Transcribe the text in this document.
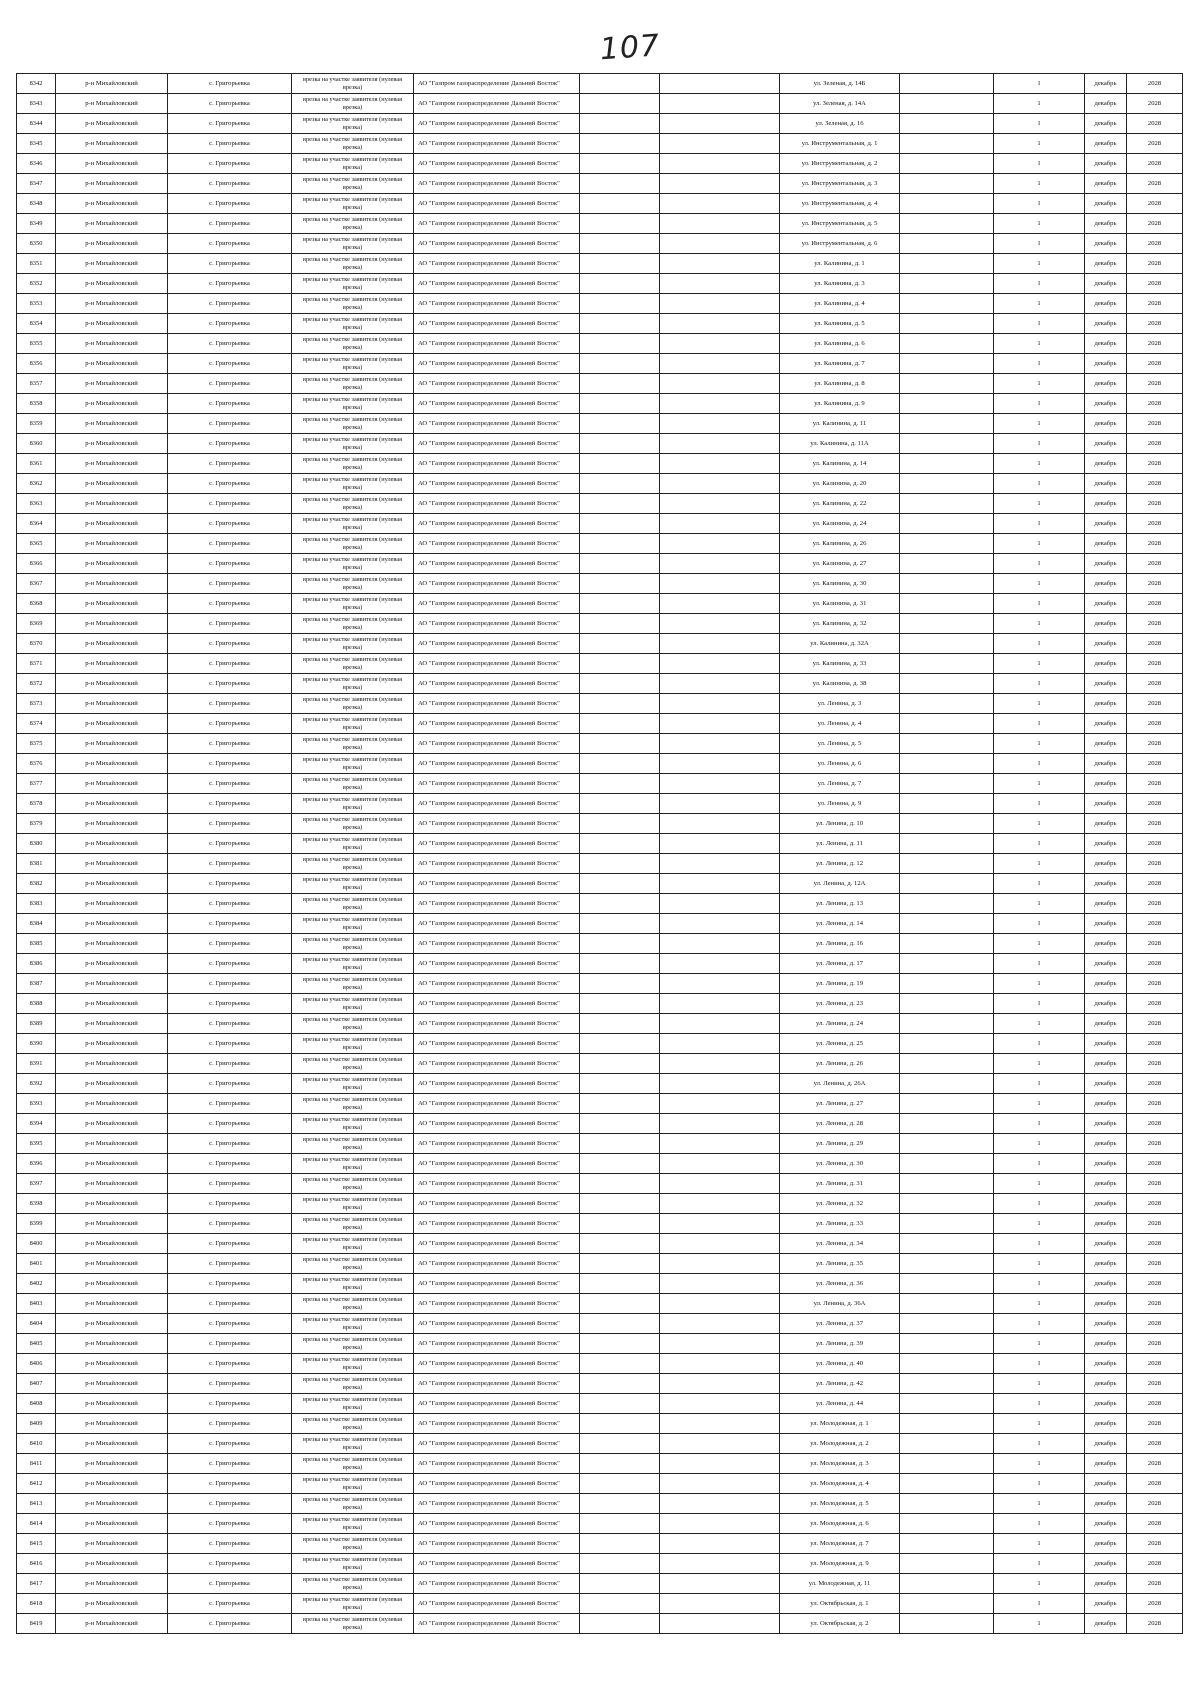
107
8342	р-н Михайловский	с. Григорьевка	врезка на участке заявителя (нулевая врезка)	АО "Газпром газораспределение Дальний Восток"			ул. Зеленая, д. 14Б		1	декабрь	2028
8343	р-н Михайловский	с. Григорьевка	врезка на участке заявителя (нулевая врезка)	АО "Газпром газораспределение Дальний Восток"			ул. Зеленая, д. 14А		1	декабрь	2028
8344	р-н Михайловский	с. Григорьевка	врезка на участке заявителя (нулевая врезка)	АО "Газпром газораспределение Дальний Восток"			ул. Зеленая, д. 16		1	декабрь	2028
8345	р-н Михайловский	с. Григорьевка	врезка на участке заявителя (нулевая врезка)	АО "Газпром газораспределение Дальний Восток"			ул. Инструментальная, д. 1		1	декабрь	2028
8346	р-н Михайловский	с. Григорьевка	врезка на участке заявителя (нулевая врезка)	АО "Газпром газораспределение Дальний Восток"			ул. Инструментальная, д. 2		1	декабрь	2028
8347	р-н Михайловский	с. Григорьевка	врезка на участке заявителя (нулевая врезка)	АО "Газпром газораспределение Дальний Восток"			ул. Инструментальная, д. 3		1	декабрь	2028
8348	р-н Михайловский	с. Григорьевка	врезка на участке заявителя (нулевая врезка)	АО "Газпром газораспределение Дальний Восток"			ул. Инструментальная, д. 4		1	декабрь	2028
8349	р-н Михайловский	с. Григорьевка	врезка на участке заявителя (нулевая врезка)	АО "Газпром газораспределение Дальний Восток"			ул. Инструментальная, д. 5		1	декабрь	2028
8350	р-н Михайловский	с. Григорьевка	врезка на участке заявителя (нулевая врезка)	АО "Газпром газораспределение Дальний Восток"			ул. Инструментальная, д. 6		1	декабрь	2028
8351	р-н Михайловский	с. Григорьевка	врезка на участке заявителя (нулевая врезка)	АО "Газпром газораспределение Дальний Восток"			ул. Калинина, д. 1		1	декабрь	2028
8352	р-н Михайловский	с. Григорьевка	врезка на участке заявителя (нулевая врезка)	АО "Газпром газораспределение Дальний Восток"			ул. Калинина, д. 3		1	декабрь	2028
8353	р-н Михайловский	с. Григорьевка	врезка на участке заявителя (нулевая врезка)	АО "Газпром газораспределение Дальний Восток"			ул. Калинина, д. 4		1	декабрь	2028
8354	р-н Михайловский	с. Григорьевка	врезка на участке заявителя (нулевая врезка)	АО "Газпром газораспределение Дальний Восток"			ул. Калинина, д. 5		1	декабрь	2028
8355	р-н Михайловский	с. Григорьевка	врезка на участке заявителя (нулевая врезка)	АО "Газпром газораспределение Дальний Восток"			ул. Калинина, д. 6		1	декабрь	2028
8356	р-н Михайловский	с. Григорьевка	врезка на участке заявителя (нулевая врезка)	АО "Газпром газораспределение Дальний Восток"			ул. Калинина, д. 7		1	декабрь	2028
8357	р-н Михайловский	с. Григорьевка	врезка на участке заявителя (нулевая врезка)	АО "Газпром газораспределение Дальний Восток"			ул. Калинина, д. 8		1	декабрь	2028
8358	р-н Михайловский	с. Григорьевка	врезка на участке заявителя (нулевая врезка)	АО "Газпром газораспределение Дальний Восток"			ул. Калинина, д. 9		1	декабрь	2028
8359	р-н Михайловский	с. Григорьевка	врезка на участке заявителя (нулевая врезка)	АО "Газпром газораспределение Дальний Восток"			ул. Калинина, д. 11		1	декабрь	2028
8360	р-н Михайловский	с. Григорьевка	врезка на участке заявителя (нулевая врезка)	АО "Газпром газораспределение Дальний Восток"			ул. Калинина, д. 11А		1	декабрь	2028
8361	р-н Михайловский	с. Григорьевка	врезка на участке заявителя (нулевая врезка)	АО "Газпром газораспределение Дальний Восток"			ул. Калинина, д. 14		1	декабрь	2028
8362	р-н Михайловский	с. Григорьевка	врезка на участке заявителя (нулевая врезка)	АО "Газпром газораспределение Дальний Восток"			ул. Калинина, д. 20		1	декабрь	2028
8363	р-н Михайловский	с. Григорьевка	врезка на участке заявителя (нулевая врезка)	АО "Газпром газораспределение Дальний Восток"			ул. Калинина, д. 22		1	декабрь	2028
8364	р-н Михайловский	с. Григорьевка	врезка на участке заявителя (нулевая врезка)	АО "Газпром газораспределение Дальний Восток"			ул. Калинина, д. 24		1	декабрь	2028
8365	р-н Михайловский	с. Григорьевка	врезка на участке заявителя (нулевая врезка)	АО "Газпром газораспределение Дальний Восток"			ул. Калинина, д. 26		1	декабрь	2028
8366	р-н Михайловский	с. Григорьевка	врезка на участке заявителя (нулевая врезка)	АО "Газпром газораспределение Дальний Восток"			ул. Калинина, д. 27		1	декабрь	2028
8367	р-н Михайловский	с. Григорьевка	врезка на участке заявителя (нулевая врезка)	АО "Газпром газораспределение Дальний Восток"			ул. Калинина, д. 30		1	декабрь	2028
8368	р-н Михайловский	с. Григорьевка	врезка на участке заявителя (нулевая врезка)	АО "Газпром газораспределение Дальний Восток"			ул. Калинина, д. 31		1	декабрь	2028
8369	р-н Михайловский	с. Григорьевка	врезка на участке заявителя (нулевая врезка)	АО "Газпром газораспределение Дальний Восток"			ул. Калинина, д. 32		1	декабрь	2028
8370	р-н Михайловский	с. Григорьевка	врезка на участке заявителя (нулевая врезка)	АО "Газпром газораспределение Дальний Восток"			ул. Калинина, д. 32А		1	декабрь	2028
8371	р-н Михайловский	с. Григорьевка	врезка на участке заявителя (нулевая врезка)	АО "Газпром газораспределение Дальний Восток"			ул. Калинина, д. 33		1	декабрь	2028
8372	р-н Михайловский	с. Григорьевка	врезка на участке заявителя (нулевая врезка)	АО "Газпром газораспределение Дальний Восток"			ул. Калинина, д. 38		1	декабрь	2028
8373	р-н Михайловский	с. Григорьевка	врезка на участке заявителя (нулевая врезка)	АО "Газпром газораспределение Дальний Восток"			ул. Ленина, д. 3		1	декабрь	2028
8374	р-н Михайловский	с. Григорьевка	врезка на участке заявителя (нулевая врезка)	АО "Газпром газораспределение Дальний Восток"			ул. Ленина, д. 4		1	декабрь	2028
8375	р-н Михайловский	с. Григорьевка	врезка на участке заявителя (нулевая врезка)	АО "Газпром газораспределение Дальний Восток"			ул. Ленина, д. 5		1	декабрь	2028
8376	р-н Михайловский	с. Григорьевка	врезка на участке заявителя (нулевая врезка)	АО "Газпром газораспределение Дальний Восток"			ул. Ленина, д. 6		1	декабрь	2028
8377	р-н Михайловский	с. Григорьевка	врезка на участке заявителя (нулевая врезка)	АО "Газпром газораспределение Дальний Восток"			ул. Ленина, д. 7		1	декабрь	2028
8378	р-н Михайловский	с. Григорьевка	врезка на участке заявителя (нулевая врезка)	АО "Газпром газораспределение Дальний Восток"			ул. Ленина, д. 9		1	декабрь	2028
8379	р-н Михайловский	с. Григорьевка	врезка на участке заявителя (нулевая врезка)	АО "Газпром газораспределение Дальний Восток"			ул. Ленина, д. 10		1	декабрь	2028
8380	р-н Михайловский	с. Григорьевка	врезка на участке заявителя (нулевая врезка)	АО "Газпром газораспределение Дальний Восток"			ул. Ленина, д. 11		1	декабрь	2028
8381	р-н Михайловский	с. Григорьевка	врезка на участке заявителя (нулевая врезка)	АО "Газпром газораспределение Дальний Восток"			ул. Ленина, д. 12		1	декабрь	2028
8382	р-н Михайловский	с. Григорьевка	врезка на участке заявителя (нулевая врезка)	АО "Газпром газораспределение Дальний Восток"			ул. Ленина, д. 12А		1	декабрь	2028
8383	р-н Михайловский	с. Григорьевка	врезка на участке заявителя (нулевая врезка)	АО "Газпром газораспределение Дальний Восток"			ул. Ленина, д. 13		1	декабрь	2028
8384	р-н Михайловский	с. Григорьевка	врезка на участке заявителя (нулевая врезка)	АО "Газпром газораспределение Дальний Восток"			ул. Ленина, д. 14		1	декабрь	2028
8385	р-н Михайловский	с. Григорьевка	врезка на участке заявителя (нулевая врезка)	АО "Газпром газораспределение Дальний Восток"			ул. Ленина, д. 16		1	декабрь	2028
8386	р-н Михайловский	с. Григорьевка	врезка на участке заявителя (нулевая врезка)	АО "Газпром газораспределение Дальний Восток"			ул. Ленина, д. 17		1	декабрь	2028
8387	р-н Михайловский	с. Григорьевка	врезка на участке заявителя (нулевая врезка)	АО "Газпром газораспределение Дальний Восток"			ул. Ленина, д. 19		1	декабрь	2028
8388	р-н Михайловский	с. Григорьевка	врезка на участке заявителя (нулевая врезка)	АО "Газпром газораспределение Дальний Восток"			ул. Ленина, д. 23		1	декабрь	2028
8389	р-н Михайловский	с. Григорьевка	врезка на участке заявителя (нулевая врезка)	АО "Газпром газораспределение Дальний Восток"			ул. Ленина, д. 24		1	декабрь	2028
8390	р-н Михайловский	с. Григорьевка	врезка на участке заявителя (нулевая врезка)	АО "Газпром газораспределение Дальний Восток"			ул. Ленина, д. 25		1	декабрь	2028
8391	р-н Михайловский	с. Григорьевка	врезка на участке заявителя (нулевая врезка)	АО "Газпром газораспределение Дальний Восток"			ул. Ленина, д. 26		1	декабрь	2028
8392	р-н Михайловский	с. Григорьевка	врезка на участке заявителя (нулевая врезка)	АО "Газпром газораспределение Дальний Восток"			ул. Ленина, д. 26А		1	декабрь	2028
8393	р-н Михайловский	с. Григорьевка	врезка на участке заявителя (нулевая врезка)	АО "Газпром газораспределение Дальний Восток"			ул. Ленина, д. 27		1	декабрь	2028
8394	р-н Михайловский	с. Григорьевка	врезка на участке заявителя (нулевая врезка)	АО "Газпром газораспределение Дальний Восток"			ул. Ленина, д. 28		1	декабрь	2028
8395	р-н Михайловский	с. Григорьевка	врезка на участке заявителя (нулевая врезка)	АО "Газпром газораспределение Дальний Восток"			ул. Ленина, д. 29		1	декабрь	2028
8396	р-н Михайловский	с. Григорьевка	врезка на участке заявителя (нулевая врезка)	АО "Газпром газораспределение Дальний Восток"			ул. Ленина, д. 30		1	декабрь	2028
8397	р-н Михайловский	с. Григорьевка	врезка на участке заявителя (нулевая врезка)	АО "Газпром газораспределение Дальний Восток"			ул. Ленина, д. 31		1	декабрь	2028
8398	р-н Михайловский	с. Григорьевка	врезка на участке заявителя (нулевая врезка)	АО "Газпром газораспределение Дальний Восток"			ул. Ленина, д. 32		1	декабрь	2028
8399	р-н Михайловский	с. Григорьевка	врезка на участке заявителя (нулевая врезка)	АО "Газпром газораспределение Дальний Восток"			ул. Ленина, д. 33		1	декабрь	2028
8400	р-н Михайловский	с. Григорьевка	врезка на участке заявителя (нулевая врезка)	АО "Газпром газораспределение Дальний Восток"			ул. Ленина, д. 34		1	декабрь	2028
8401	р-н Михайловский	с. Григорьевка	врезка на участке заявителя (нулевая врезка)	АО "Газпром газораспределение Дальний Восток"			ул. Ленина, д. 35		1	декабрь	2028
8402	р-н Михайловский	с. Григорьевка	врезка на участке заявителя (нулевая врезка)	АО "Газпром газораспределение Дальний Восток"			ул. Ленина, д. 36		1	декабрь	2028
8403	р-н Михайловский	с. Григорьевка	врезка на участке заявителя (нулевая врезка)	АО "Газпром газораспределение Дальний Восток"			ул. Ленина, д. 36А		1	декабрь	2028
8404	р-н Михайловский	с. Григорьевка	врезка на участке заявителя (нулевая врезка)	АО "Газпром газораспределение Дальний Восток"			ул. Ленина, д. 37		1	декабрь	2028
8405	р-н Михайловский	с. Григорьевка	врезка на участке заявителя (нулевая врезка)	АО "Газпром газораспределение Дальний Восток"			ул. Ленина, д. 39		1	декабрь	2028
8406	р-н Михайловский	с. Григорьевка	врезка на участке заявителя (нулевая врезка)	АО "Газпром газораспределение Дальний Восток"			ул. Ленина, д. 40		1	декабрь	2028
8407	р-н Михайловский	с. Григорьевка	врезка на участке заявителя (нулевая врезка)	АО "Газпром газораспределение Дальний Восток"			ул. Ленина, д. 42		1	декабрь	2028
8408	р-н Михайловский	с. Григорьевка	врезка на участке заявителя (нулевая врезка)	АО "Газпром газораспределение Дальний Восток"			ул. Ленина, д. 44		1	декабрь	2028
8409	р-н Михайловский	с. Григорьевка	врезка на участке заявителя (нулевая врезка)	АО "Газпром газораспределение Дальний Восток"			ул. Молодежная, д. 1		1	декабрь	2028
8410	р-н Михайловский	с. Григорьевка	врезка на участке заявителя (нулевая врезка)	АО "Газпром газораспределение Дальний Восток"			ул. Молодежная, д. 2		1	декабрь	2028
8411	р-н Михайловский	с. Григорьевка	врезка на участке заявителя (нулевая врезка)	АО "Газпром газораспределение Дальний Восток"			ул. Молодежная, д. 3		1	декабрь	2028
8412	р-н Михайловский	с. Григорьевка	врезка на участке заявителя (нулевая врезка)	АО "Газпром газораспределение Дальний Восток"			ул. Молодежная, д. 4		1	декабрь	2028
8413	р-н Михайловский	с. Григорьевка	врезка на участке заявителя (нулевая врезка)	АО "Газпром газораспределение Дальний Восток"			ул. Молодежная, д. 5		1	декабрь	2028
8414	р-н Михайловский	с. Григорьевка	врезка на участке заявителя (нулевая врезка)	АО "Газпром газораспределение Дальний Восток"			ул. Молодежная, д. 6		1	декабрь	2028
8415	р-н Михайловский	с. Григорьевка	врезка на участке заявителя (нулевая врезка)	АО "Газпром газораспределение Дальний Восток"			ул. Молодежная, д. 7		1	декабрь	2028
8416	р-н Михайловский	с. Григорьевка	врезка на участке заявителя (нулевая врезка)	АО "Газпром газораспределение Дальний Восток"			ул. Молодежная, д. 9		1	декабрь	2028
8417	р-н Михайловский	с. Григорьевка	врезка на участке заявителя (нулевая врезка)	АО "Газпром газораспределение Дальний Восток"			ул. Молодежная, д. 11		1	декабрь	2028
8418	р-н Михайловский	с. Григорьевка	врезка на участке заявителя (нулевая врезка)	АО "Газпром газораспределение Дальний Восток"			ул. Октябрьская, д. 1		1	декабрь	2028
8419	р-н Михайловский	с. Григорьевка	врезка на участке заявителя (нулевая врезка)	АО "Газпром газораспределение Дальний Восток"			ул. Октябрьская, д. 2		1	декабрь	2028
